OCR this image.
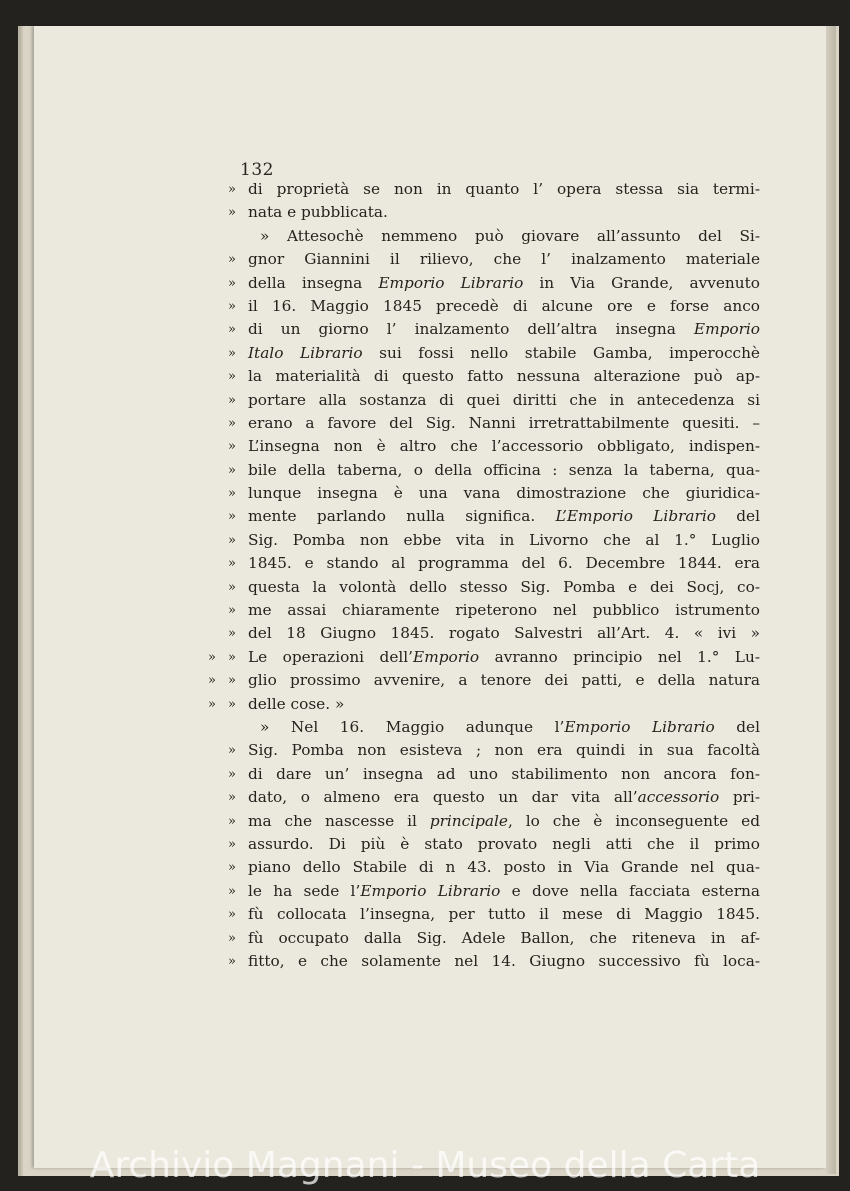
132
» di proprietà se non in quanto l’ opera stessa sia termi-
» nata e pubblicata.
» Attesochè nemmeno può giovare all’assunto del Si-
» gnor Giannini il rilievo, che l’ inalzamento materiale
» della insegna Emporio Librario in Via Grande, avvenuto
» il 16. Maggio 1845 precedè di alcune ore e forse anco
» di un giorno l’ inalzamento dell’altra insegna Emporio
» Italo Librario sui fossi nello stabile Gamba, imperocchè
» la materialità di questo fatto nessuna alterazione può ap-
» portare alla sostanza di quei diritti che in antecedenza si
» erano a favore del Sig. Nanni irretrattabilmente quesiti. –
» L’insegna non è altro che l’accessorio obbligato, indispen-
» bile della taberna, o della officina : senza la taberna, qua-
» lunque insegna è una vana dimostrazione che giuridica-
» mente parlando nulla significa. L’Emporio Librario del
» Sig. Pomba non ebbe vita in Livorno che al 1.° Luglio
» 1845. e stando al programma del 6. Decembre 1844. era
» questa la volontà dello stesso Sig. Pomba e dei Socj, co-
» me assai chiaramente ripeterono nel pubblico istrumento
» del 18 Giugno 1845. rogato Salvestri all’Art. 4. « ivi »
» » Le operazioni dell’Emporio avranno principio nel 1.° Lu-
» » glio prossimo avvenire, a tenore dei patti, e della natura
» » delle cose. »
» Nel 16. Maggio adunque l’Emporio Librario del
» Sig. Pomba non esisteva ; non era quindi in sua facoltà
» di dare un’ insegna ad uno stabilimento non ancora fon-
» dato, o almeno era questo un dar vita all’accessorio pri-
» ma che nascesse il principale, lo che è inconseguente ed
» assurdo. Di più è stato provato negli atti che il primo
» piano dello Stabile di n 43. posto in Via Grande nel qua-
» le ha sede l’Emporio Librario e dove nella facciata esterna
» fù collocata l’insegna, per tutto il mese di Maggio 1845.
» fù occupato dalla Sig. Adele Ballon, che riteneva in af-
» fitto, e che solamente nel 14. Giugno successivo fù loca-
Archivio Magnani - Museo della Carta
